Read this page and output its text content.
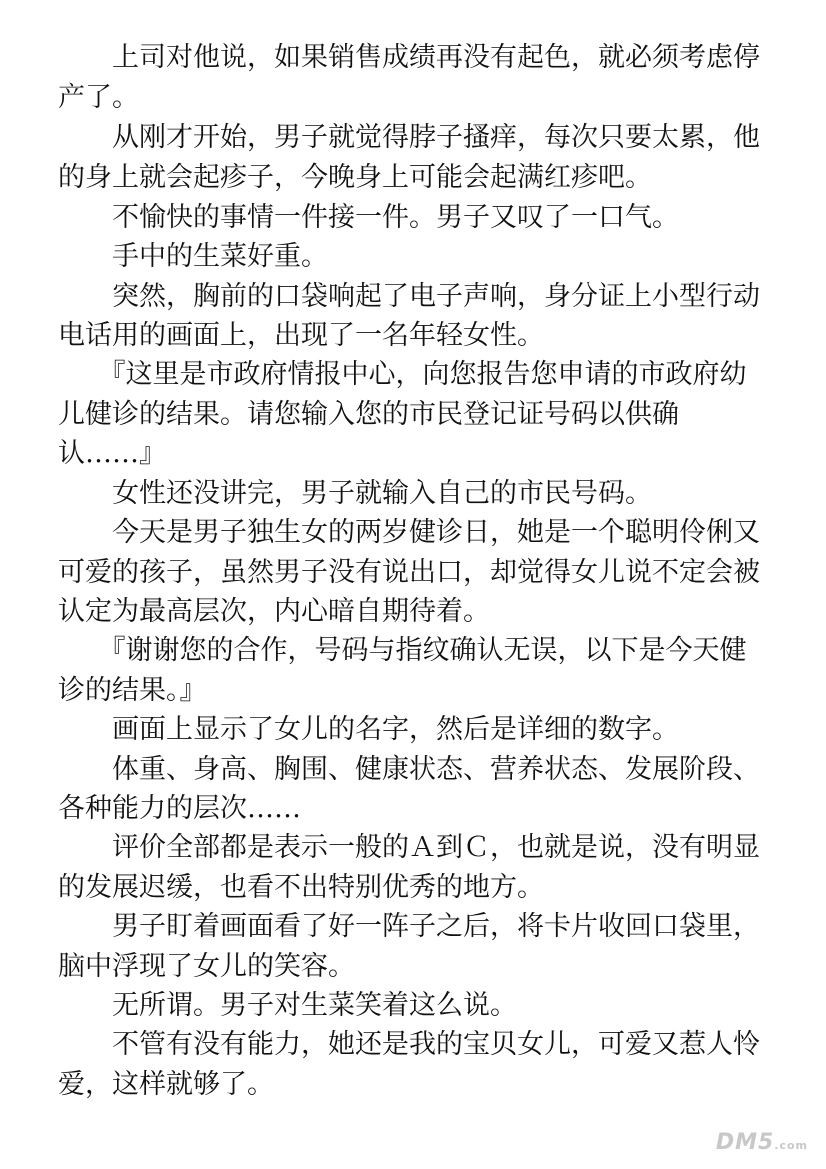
　　上司对他说，如果销售成绩再没有起色，就必须考虑停
产了。
　　从刚才开始，男子就觉得脖子搔痒，每次只要太累，他
的身上就会起疹子，今晚身上可能会起满红疹吧。
　　不愉快的事情一件接一件。男子又叹了一口气。
　　手中的生菜好重。
　　突然，胸前的口袋响起了电子声响，身分证上小型行动
电话用的画面上，出现了一名年轻女性。
　　『这里是市政府情报中心，向您报告您申请的市政府幼
儿健诊的结果。请您输入您的市民登记证号码以供确
认……』
　　女性还没讲完，男子就输入自己的市民号码。
　　今天是男子独生女的两岁健诊日，她是一个聪明伶俐又
可爱的孩子，虽然男子没有说出口，却觉得女儿说不定会被
认定为最高层次，内心暗自期待着。
　　『谢谢您的合作，号码与指纹确认无误，以下是今天健
诊的结果。』
　　画面上显示了女儿的名字，然后是详细的数字。
　　体重、身高、胸围、健康状态、营养状态、发展阶段、
各种能力的层次……
　　评价全部都是表示一般的Ａ到Ｃ，也就是说，没有明显
的发展迟缓，也看不出特别优秀的地方。
　　男子盯着画面看了好一阵子之后，将卡片收回口袋里，
脑中浮现了女儿的笑容。
　　无所谓。男子对生菜笑着这么说。
　　不管有没有能力，她还是我的宝贝女儿，可爱又惹人怜
爱，这样就够了。
DM5.com
